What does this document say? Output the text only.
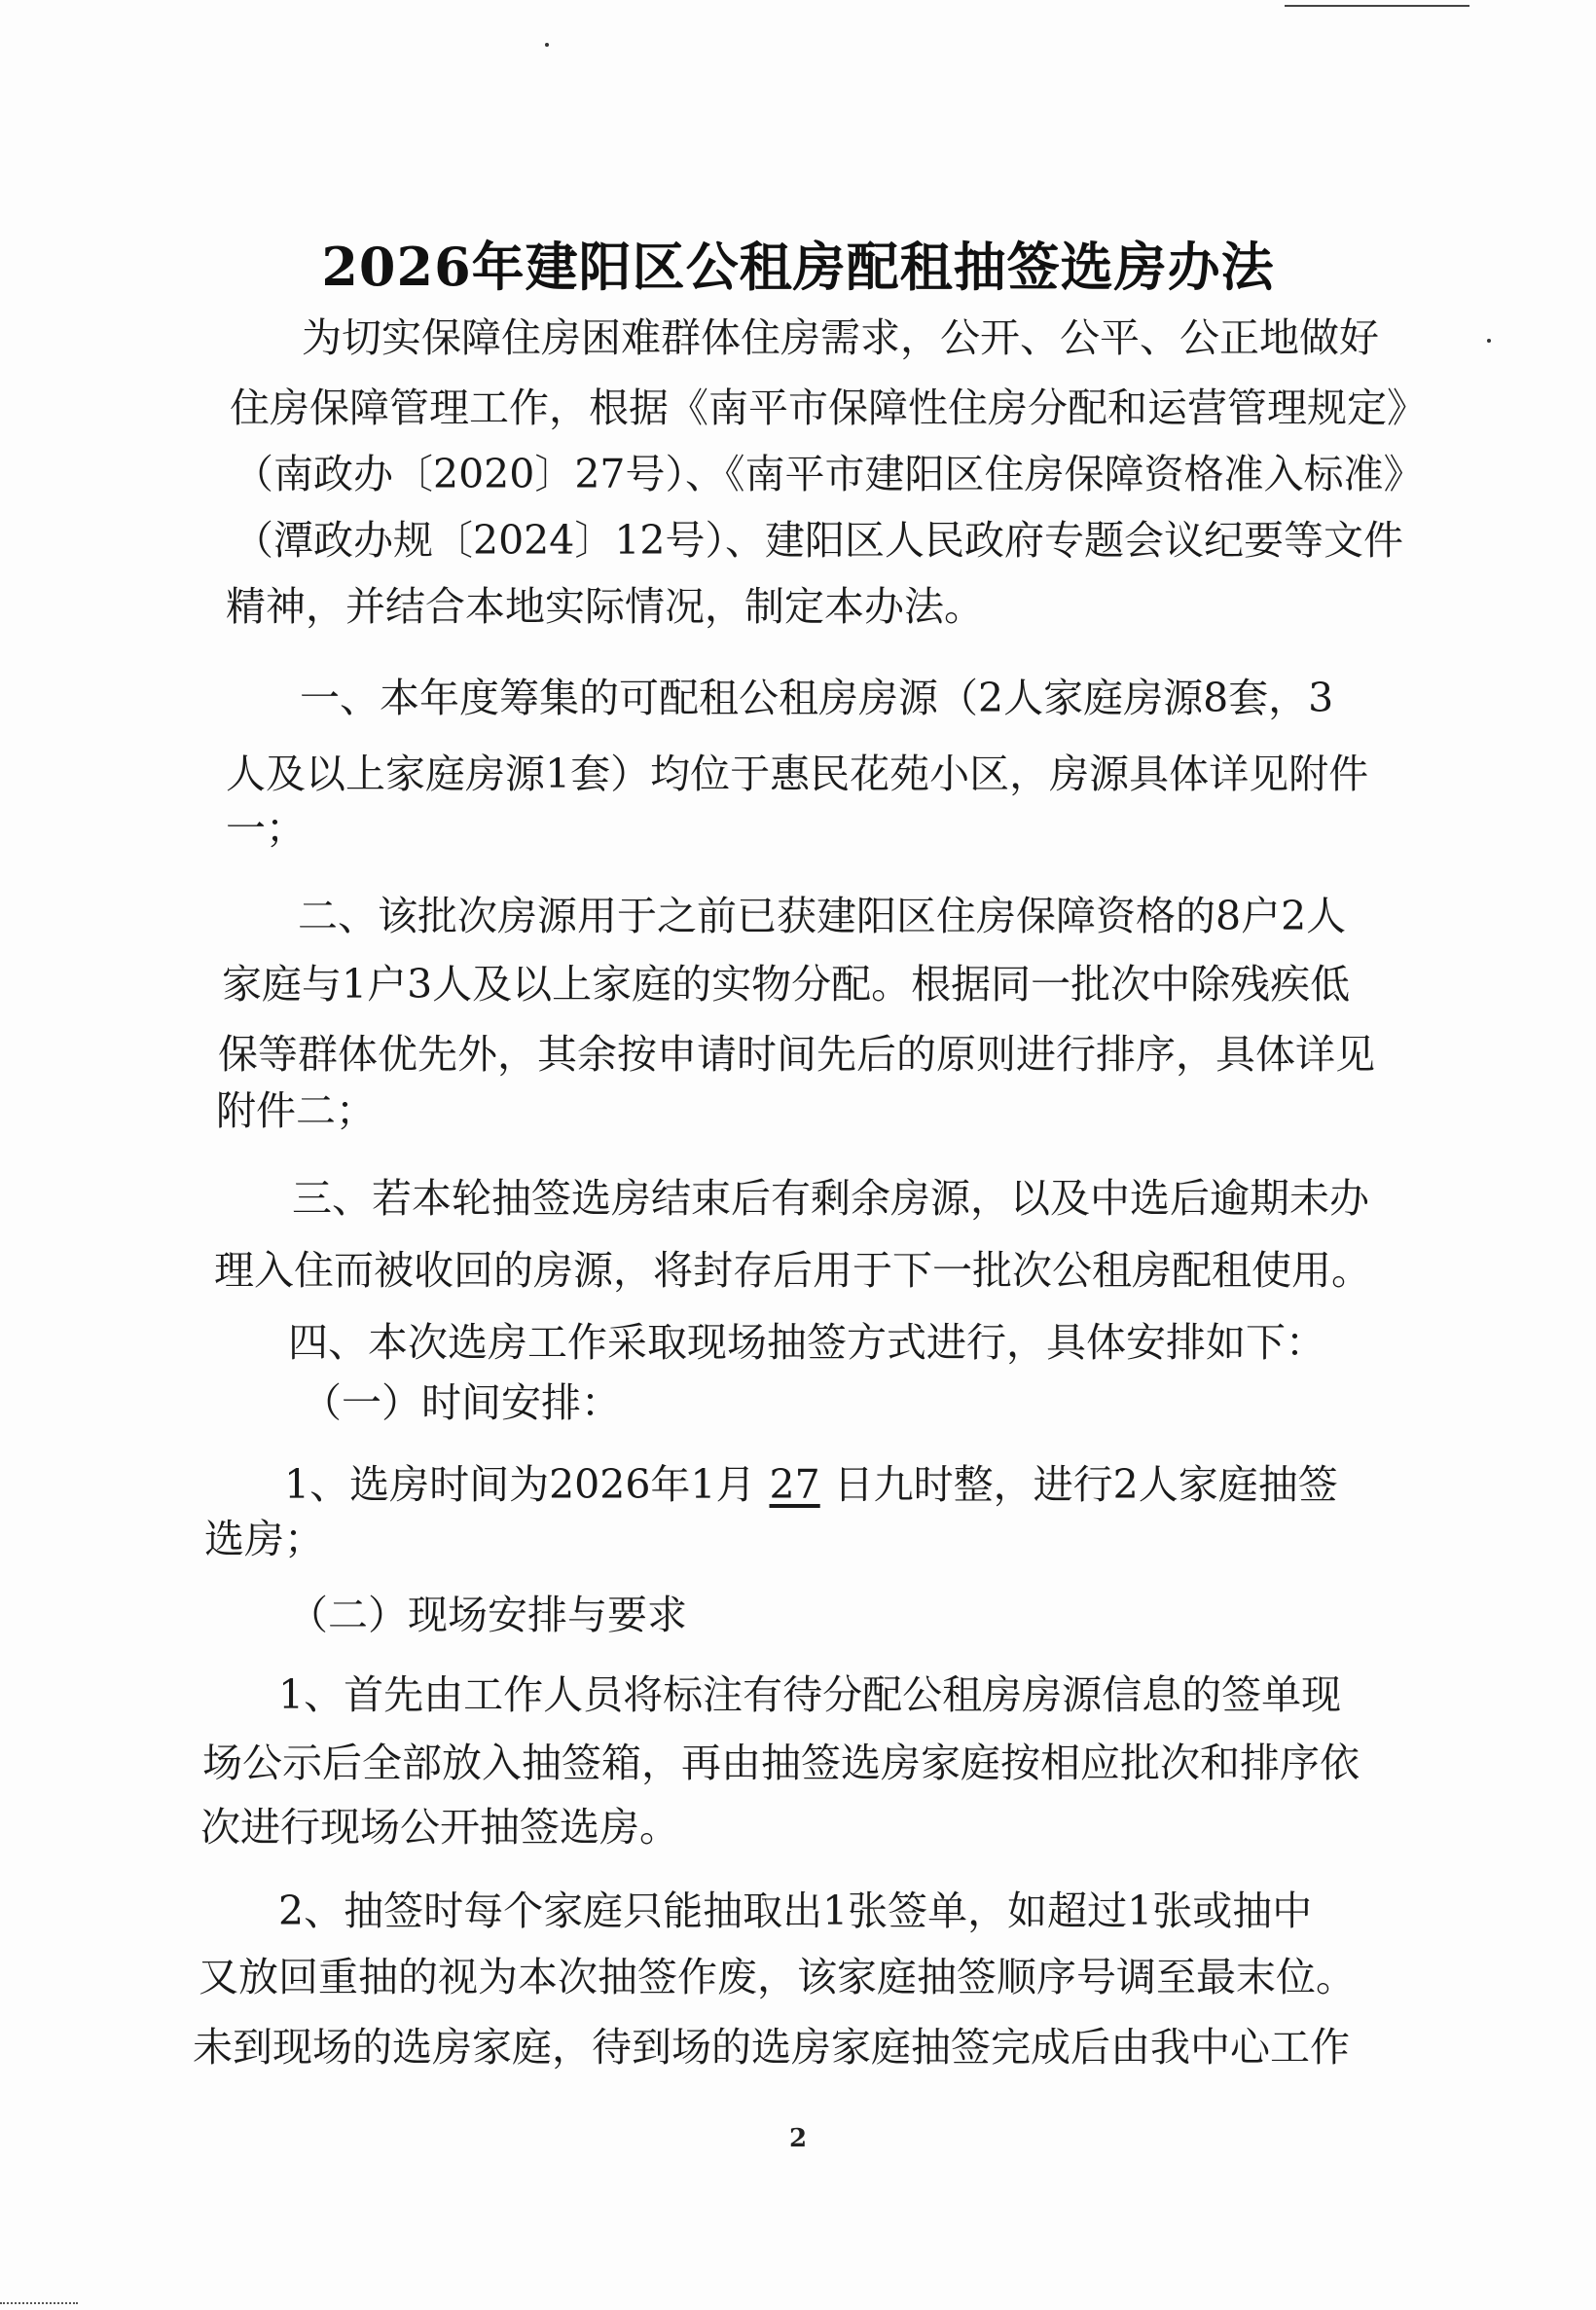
2026年建阳区公租房配租抽签选房办法
为切实保障住房困难群体住房需求，公开、公平、公正地做好
住房保障管理工作，根据《南平市保障性住房分配和运营管理规定》
（南政办〔2020〕27号）、《南平市建阳区住房保障资格准入标准》
（潭政办规〔2024〕12号）、建阳区人民政府专题会议纪要等文件
精神，并结合本地实际情况，制定本办法。
一、本年度筹集的可配租公租房房源（2人家庭房源8套，3
人及以上家庭房源1套）均位于惠民花苑小区，房源具体详见附件
一；
二、该批次房源用于之前已获建阳区住房保障资格的8户2人
家庭与1户3人及以上家庭的实物分配。根据同一批次中除残疾低
保等群体优先外，其余按申请时间先后的原则进行排序，具体详见
附件二；
三、若本轮抽签选房结束后有剩余房源，以及中选后逾期未办
理入住而被收回的房源，将封存后用于下一批次公租房配租使用。
四、本次选房工作采取现场抽签方式进行，具体安排如下：
（一）时间安排：
1、选房时间为2026年1月 27 日九时整，进行2人家庭抽签
选房；
（二）现场安排与要求
1、首先由工作人员将标注有待分配公租房房源信息的签单现
场公示后全部放入抽签箱，再由抽签选房家庭按相应批次和排序依
次进行现场公开抽签选房。
2、抽签时每个家庭只能抽取出1张签单，如超过1张或抽中
又放回重抽的视为本次抽签作废，该家庭抽签顺序号调至最末位。
未到现场的选房家庭，待到场的选房家庭抽签完成后由我中心工作
2
